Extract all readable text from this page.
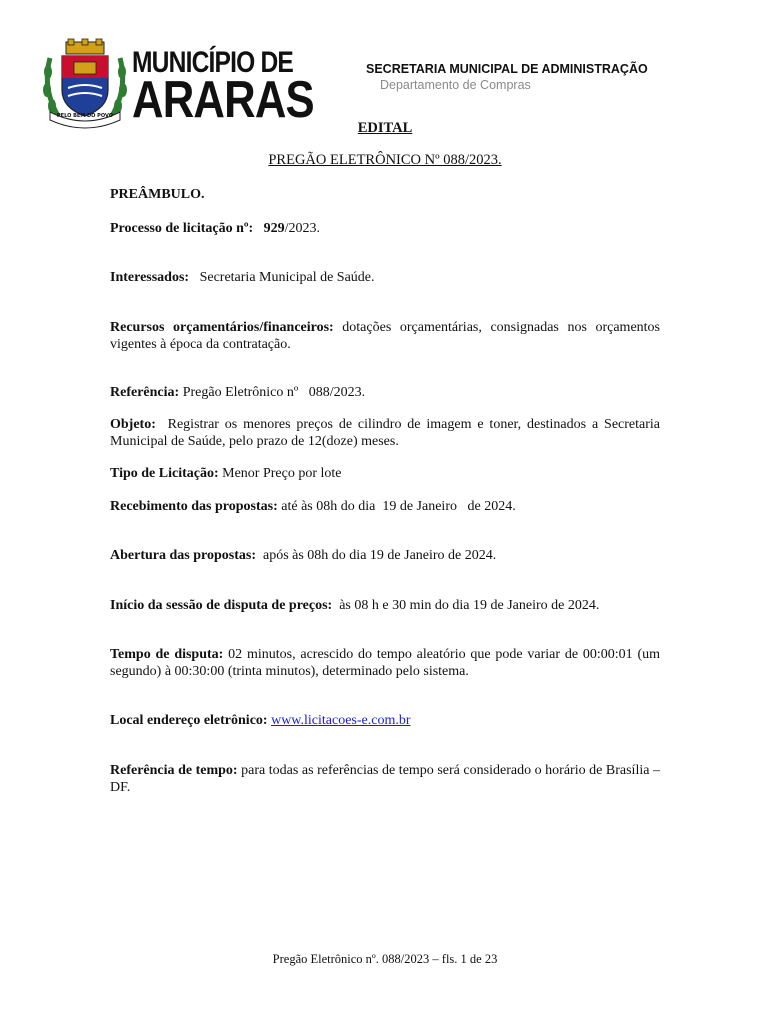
PELO BEM DO POVO
MUNICÍPIO DE
ARARAS
SECRETARIA MUNICIPAL DE ADMINISTRAÇÃO
Departamento de Compras
EDITAL
PREGÃO ELETRÔNICO Nº 088/2023.
PREÂMBULO.
Processo de licitação nº: 929/2023.
Interessados: Secretaria Municipal de Saúde.
Recursos orçamentários/financeiros: dotações orçamentárias, consignadas nos orçamentos vigentes à época da contratação.
Referência: Pregão Eletrônico nº   088/2023.
Objeto: Registrar os menores preços de cilindro de imagem e toner, destinados a Secretaria Municipal de Saúde, pelo prazo de 12(doze) meses.
Tipo de Licitação: Menor Preço por lote
Recebimento das propostas: até às 08h do dia  19 de Janeiro   de 2024.
Abertura das propostas: após às 08h do dia 19 de Janeiro de 2024.
Início da sessão de disputa de preços: às 08 h e 30 min do dia 19 de Janeiro de 2024.
Tempo de disputa: 02 minutos, acrescido do tempo aleatório que pode variar de 00:00:01 (um segundo) à 00:30:00 (trinta minutos), determinado pelo sistema.
Local endereço eletrônico: www.licitacoes-e.com.br
Referência de tempo: para todas as referências de tempo será considerado o horário de Brasília – DF.
Pregão Eletrônico nº. 088/2023 – fls. 1 de 23
